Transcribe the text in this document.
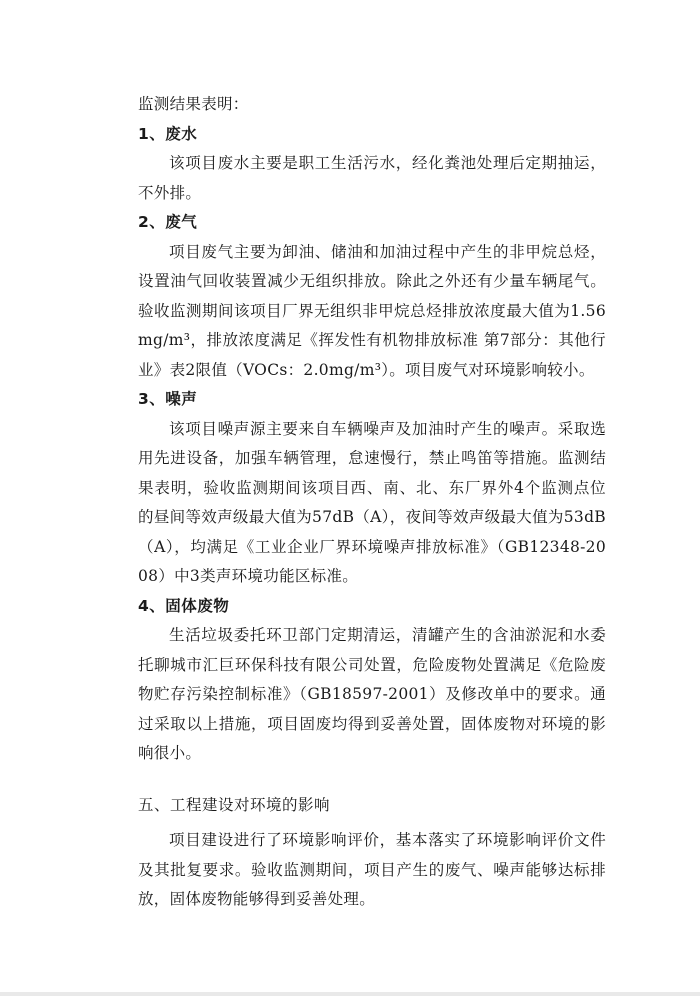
监测结果表明：

1、废水

该项目废水主要是职工生活污水，经化粪池处理后定期抽运，不外排。

2、废气

项目废气主要为卸油、储油和加油过程中产生的非甲烷总烃，设置油气回收装置减少无组织排放。除此之外还有少量车辆尾气。验收监测期间该项目厂界无组织非甲烷总烃排放浓度最大值为1.56mg/m³，排放浓度满足《挥发性有机物排放标准 第7部分：其他行业》表2限值（VOCs：2.0mg/m³）。项目废气对环境影响较小。

3、噪声

该项目噪声源主要来自车辆噪声及加油时产生的噪声。采取选用先进设备，加强车辆管理，怠速慢行，禁止鸣笛等措施。监测结果表明，验收监测期间该项目西、南、北、东厂界外4个监测点位的昼间等效声级最大值为57dB（A），夜间等效声级最大值为53dB（A），均满足《工业企业厂界环境噪声排放标准》（GB12348-2008）中3类声环境功能区标准。

4、固体废物

生活垃圾委托环卫部门定期清运，清罐产生的含油淤泥和水委托聊城市汇巨环保科技有限公司处置，危险废物处置满足《危险废物贮存污染控制标准》（GB18597-2001）及修改单中的要求。通过采取以上措施，项目固废均得到妥善处置，固体废物对环境的影响很小。

五、工程建设对环境的影响

项目建设进行了环境影响评价，基本落实了环境影响评价文件及其批复要求。验收监测期间，项目产生的废气、噪声能够达标排放，固体废物能够得到妥善处理。
